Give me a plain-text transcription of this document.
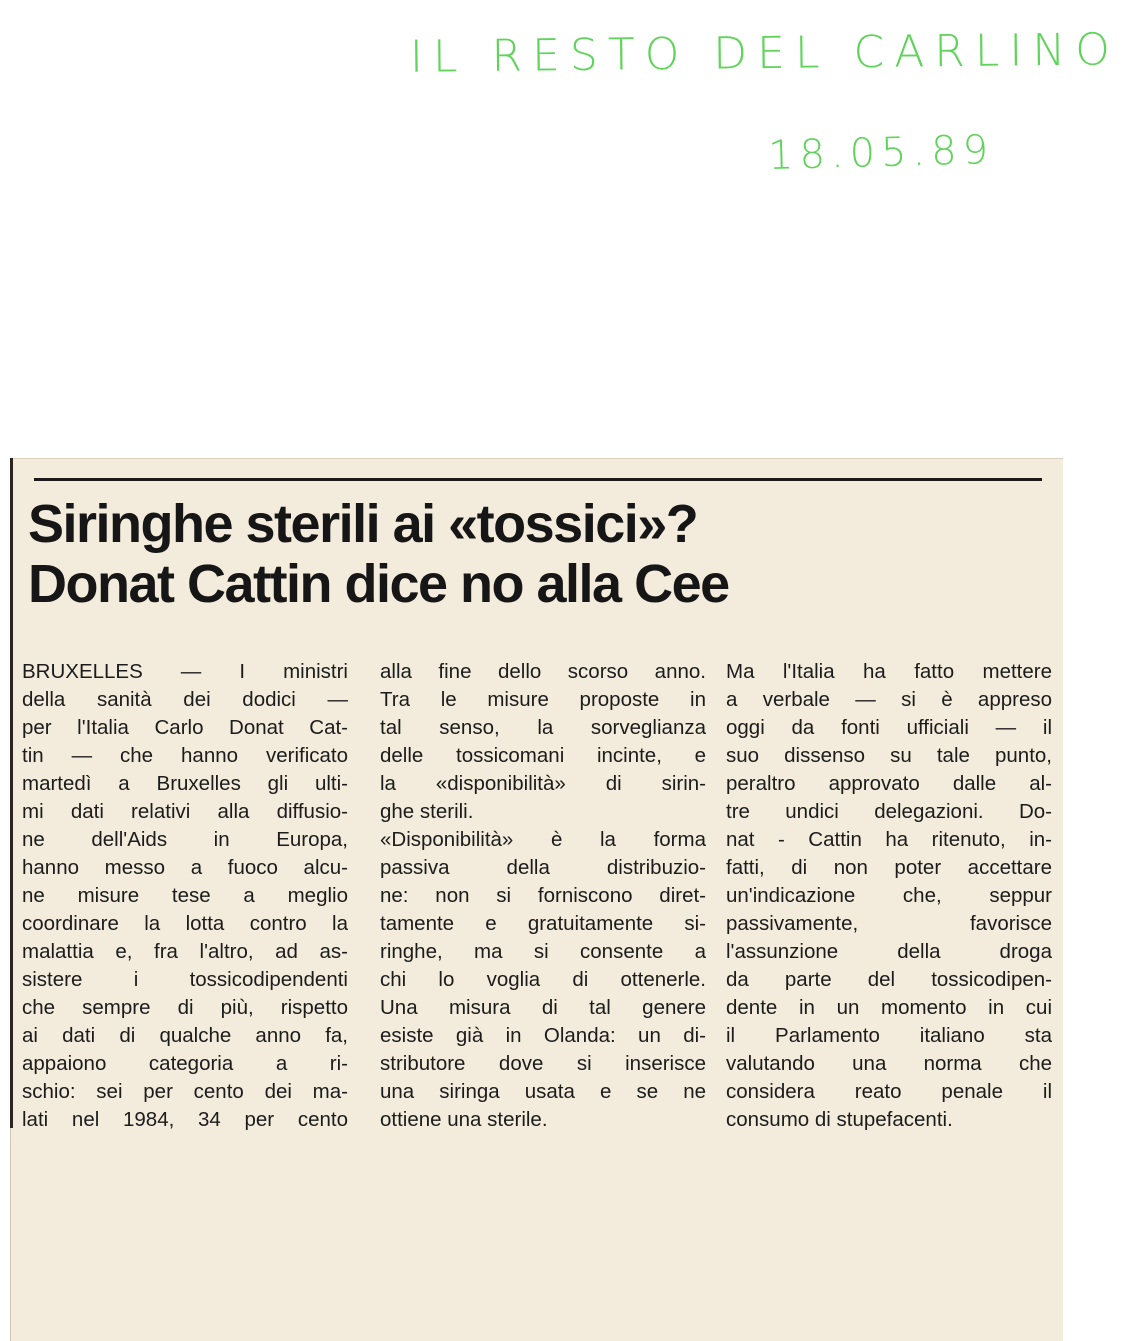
IL RESTO DEL CARLINO
18.05.89
Siringhe sterili ai «tossici»?
Donat Cattin dice no alla Cee
BRUXELLES — I ministri
della sanità dei dodici —
per l'Italia Carlo Donat Cat-
tin — che hanno verificato
martedì a Bruxelles gli ulti-
mi dati relativi alla diffusio-
ne dell'Aids in Europa,
hanno messo a fuoco alcu-
ne misure tese a meglio
coordinare la lotta contro la
malattia e, fra l'altro, ad as-
sistere i tossicodipendenti
che sempre di più, rispetto
ai dati di qualche anno fa,
appaiono categoria a ri-
schio: sei per cento dei ma-
lati nel 1984, 34 per cento
alla fine dello scorso anno.
Tra le misure proposte in
tal senso, la sorveglianza
delle tossicomani incinte, e
la «disponibilità» di sirin-
ghe sterili.
«Disponibilità» è la forma
passiva della distribuzio-
ne: non si forniscono diret-
tamente e gratuitamente si-
ringhe, ma si consente a
chi lo voglia di ottenerle.
Una misura di tal genere
esiste già in Olanda: un di-
stributore dove si inserisce
una siringa usata e se ne
ottiene una sterile.
Ma l'Italia ha fatto mettere
a verbale — si è appreso
oggi da fonti ufficiali — il
suo dissenso su tale punto,
peraltro approvato dalle al-
tre undici delegazioni. Do-
nat - Cattin ha ritenuto, in-
fatti, di non poter accettare
un'indicazione che, seppur
passivamente, favorisce
l'assunzione della droga
da parte del tossicodipen-
dente in un momento in cui
il Parlamento italiano sta
valutando una norma che
considera reato penale il
consumo di stupefacenti.
